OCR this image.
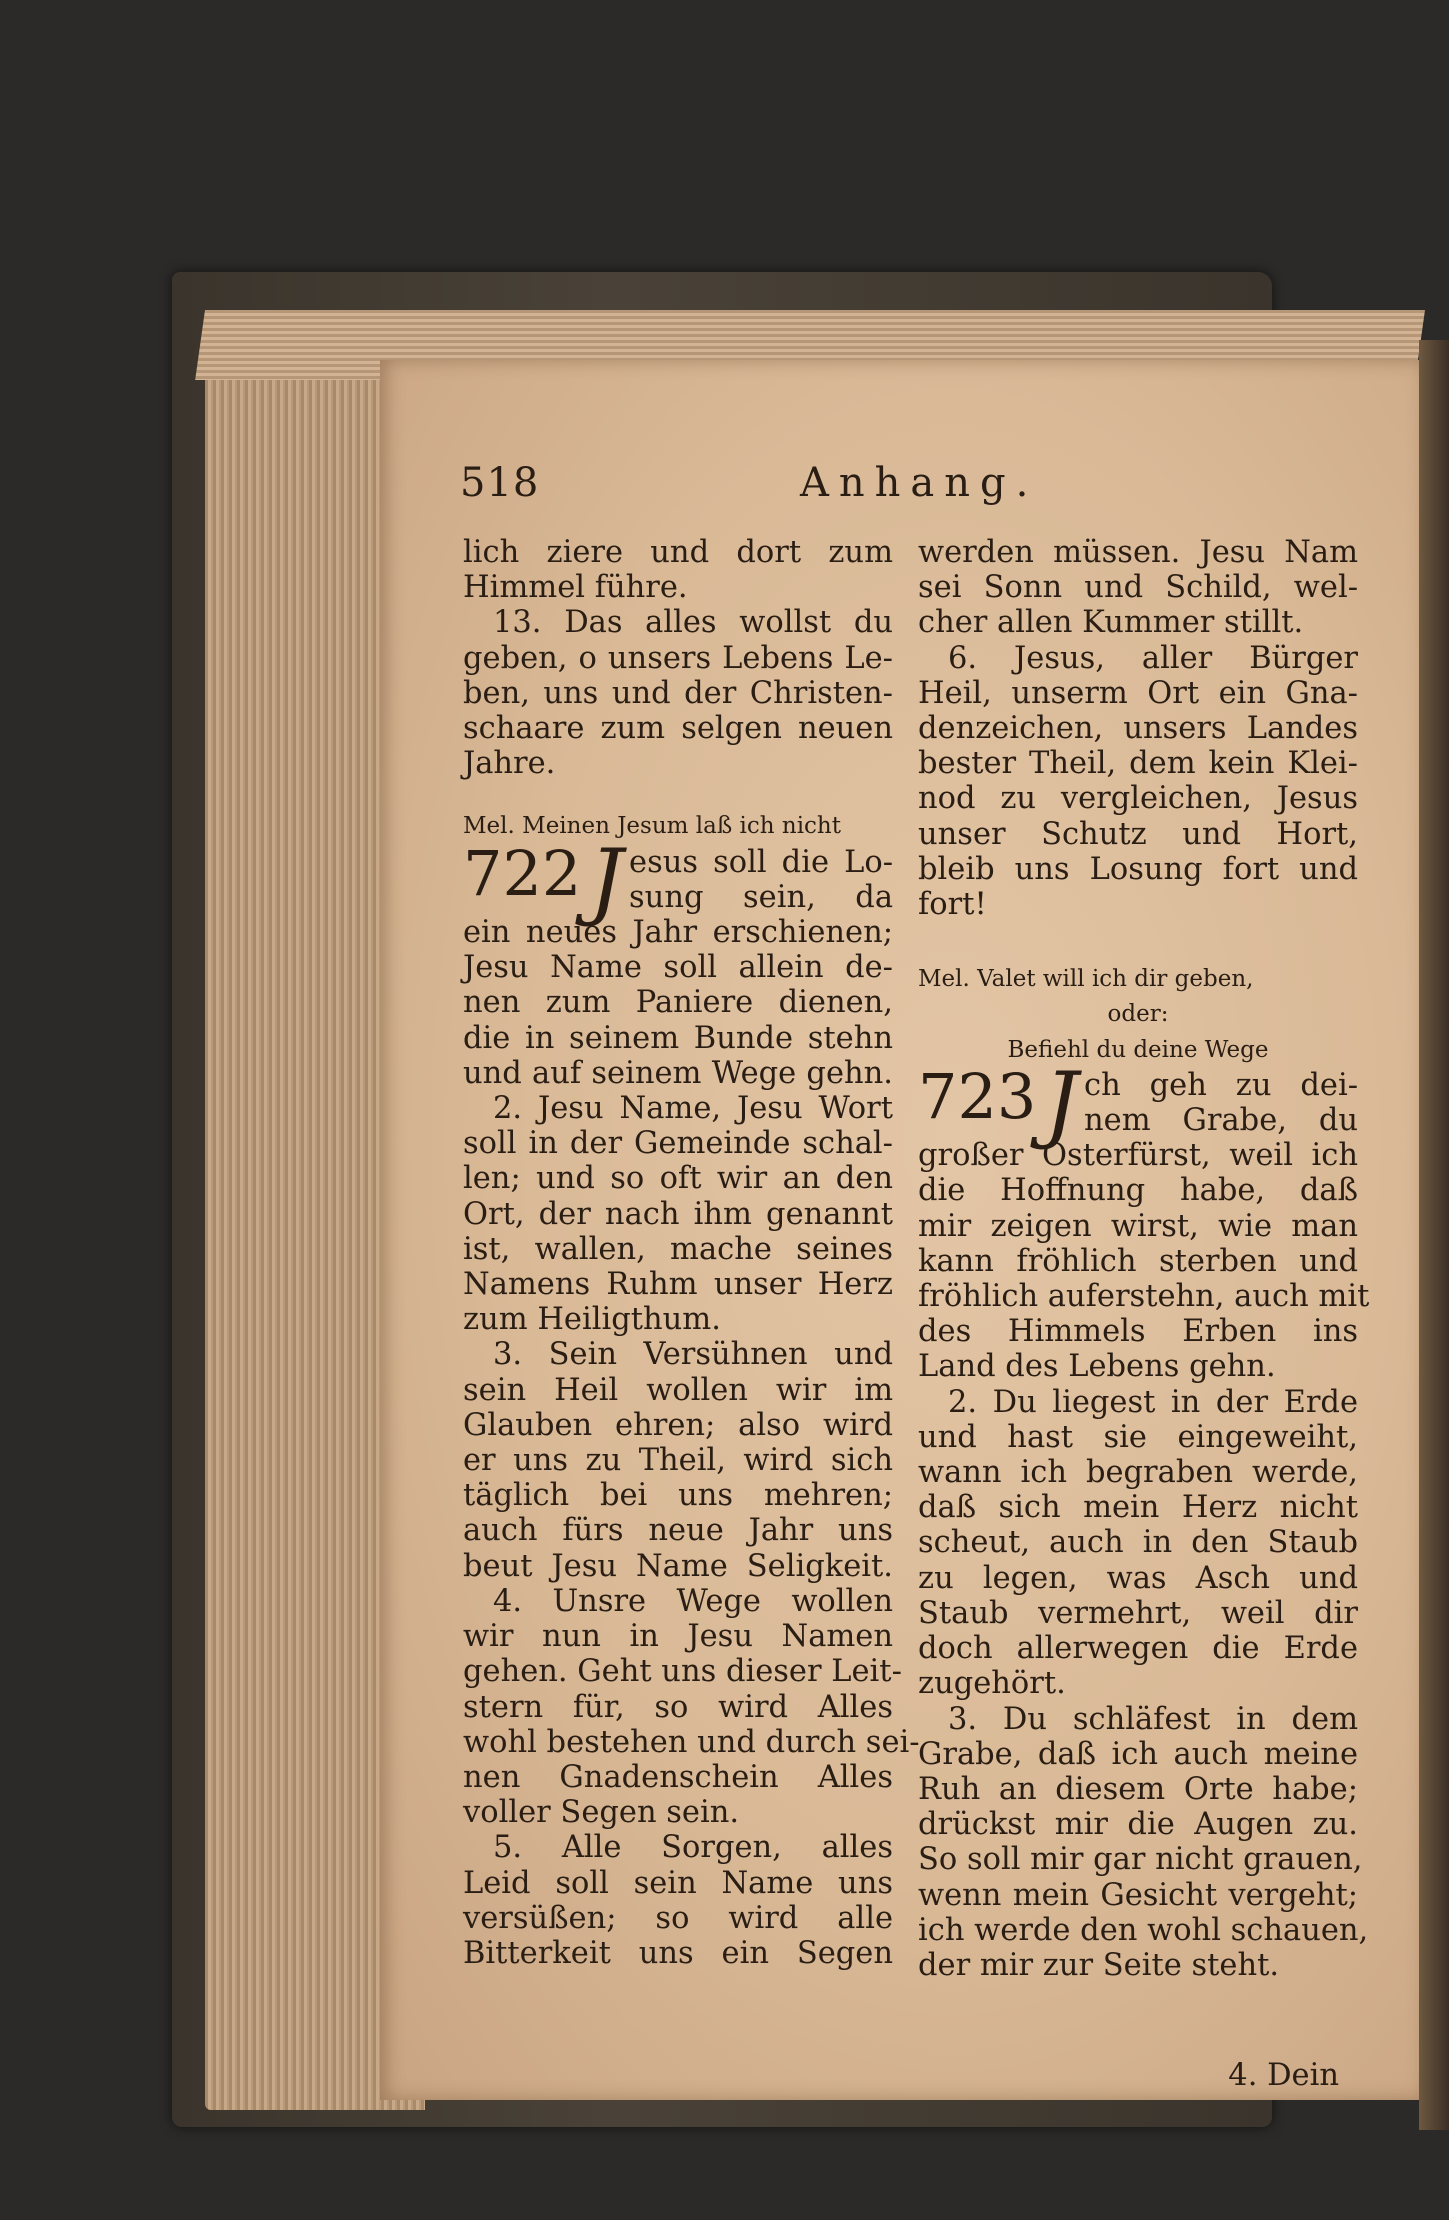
518	Anhang.
lich ziere und dort zum
Himmel führe.
13. Das alles wollst du
geben, o unsers Lebens Le-
ben, uns und der Christen-
schaare zum selgen neuen
Jahre.
Mel. Meinen Jesum laß ich nicht
722 J esus soll die Lo-
sung sein, da
ein neues Jahr erschienen;
Jesu Name soll allein de-
nen zum Paniere dienen,
die in seinem Bunde stehn
und auf seinem Wege gehn.
2. Jesu Name, Jesu Wort
soll in der Gemeinde schal-
len; und so oft wir an den
Ort, der nach ihm genannt
ist, wallen, mache seines
Namens Ruhm unser Herz
zum Heiligthum.
3. Sein Versühnen und
sein Heil wollen wir im
Glauben ehren; also wird
er uns zu Theil, wird sich
täglich bei uns mehren;
auch fürs neue Jahr uns
beut Jesu Name Seligkeit.
4. Unsre Wege wollen
wir nun in Jesu Namen
gehen. Geht uns dieser Leit-
stern für, so wird Alles
wohl bestehen und durch sei-
nen Gnadenschein Alles
voller Segen sein.
5. Alle Sorgen, alles
Leid soll sein Name uns
versüßen; so wird alle
Bitterkeit uns ein Segen
werden müssen. Jesu Nam
sei Sonn und Schild, wel-
cher allen Kummer stillt.
6. Jesus, aller Bürger
Heil, unserm Ort ein Gna-
denzeichen, unsers Landes
bester Theil, dem kein Klei-
nod zu vergleichen, Jesus
unser Schutz und Hort,
bleib uns Losung fort und
fort!
Mel. Valet will ich dir geben,
oder:
Befiehl du deine Wege
723 J ch geh zu dei-
nem Grabe, du
großer Osterfürst, weil ich
die Hoffnung habe, daß
mir zeigen wirst, wie man
kann fröhlich sterben und
fröhlich auferstehn, auch mit
des Himmels Erben ins
Land des Lebens gehn.
2. Du liegest in der Erde
und hast sie eingeweiht,
wann ich begraben werde,
daß sich mein Herz nicht
scheut, auch in den Staub
zu legen, was Asch und
Staub vermehrt, weil dir
doch allerwegen die Erde
zugehört.
3. Du schläfest in dem
Grabe, daß ich auch meine
Ruh an diesem Orte habe;
drückst mir die Augen zu.
So soll mir gar nicht grauen,
wenn mein Gesicht vergeht;
ich werde den wohl schauen,
der mir zur Seite steht.
4. Dein
